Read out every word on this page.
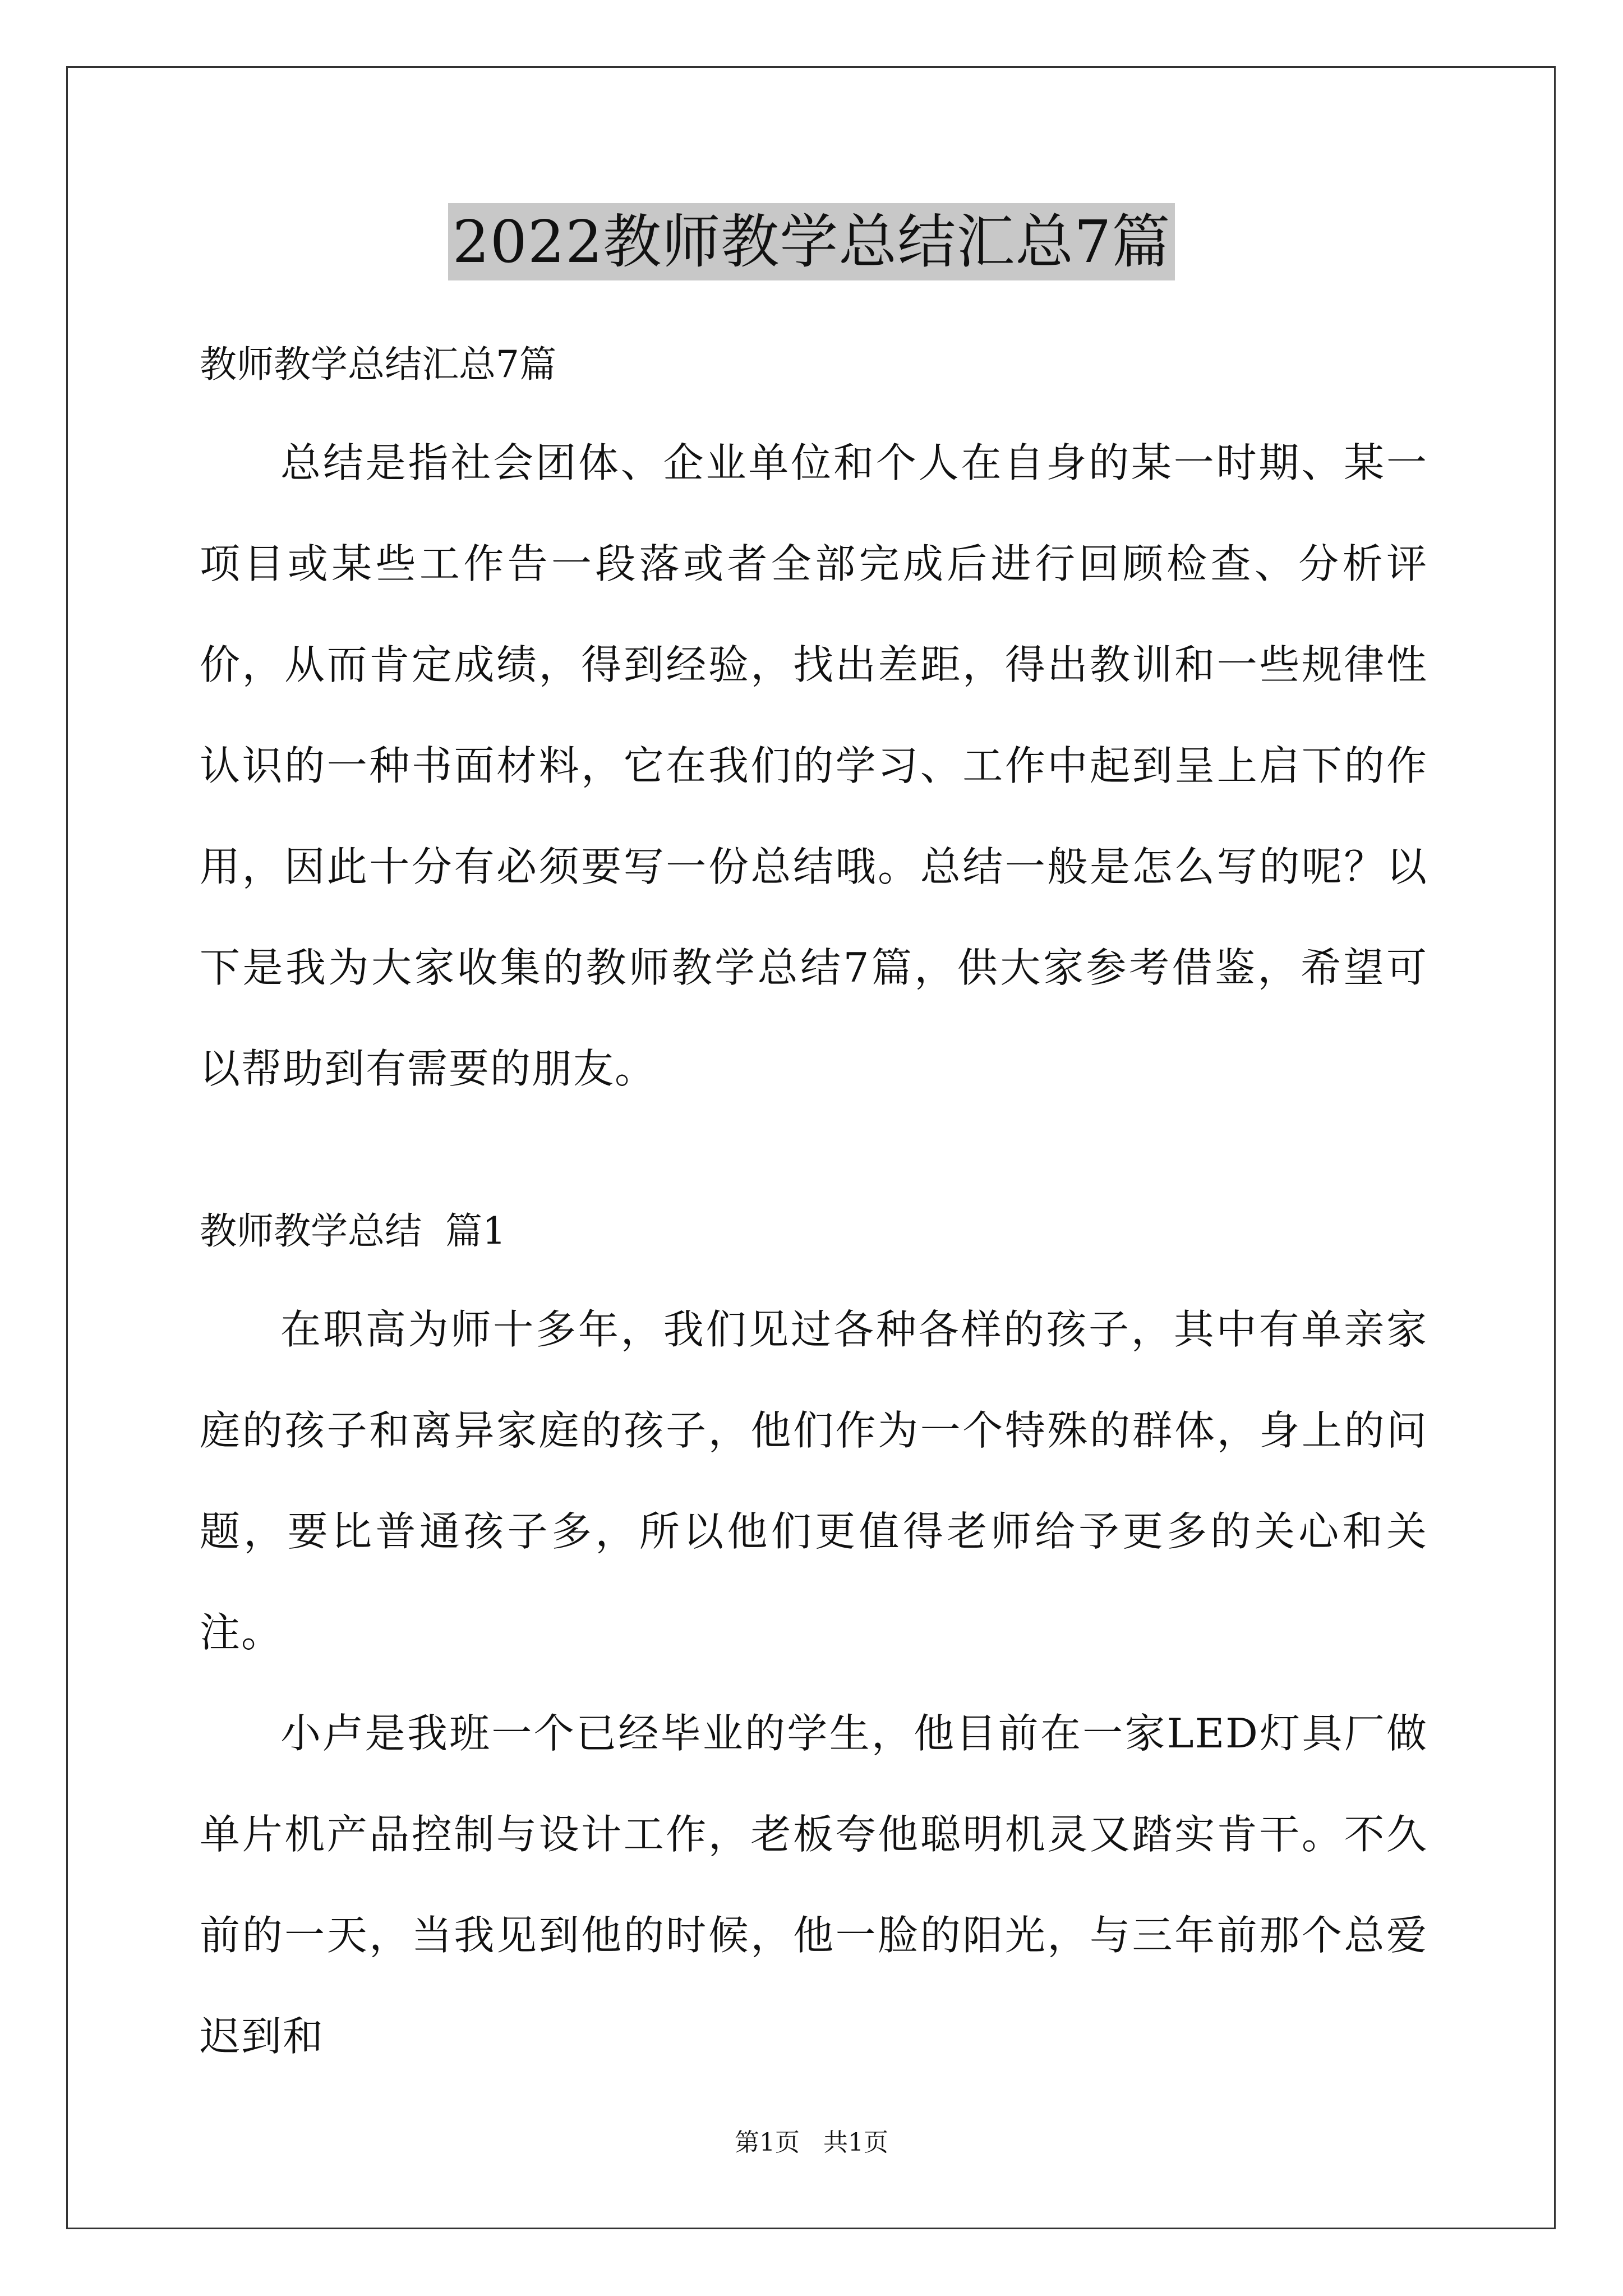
2022教师教学总结汇总7篇

教师教学总结汇总7篇

总结是指社会团体、企业单位和个人在自身的某一时期、某一项目或某些工作告一段落或者全部完成后进行回顾检查、分析评价，从而肯定成绩，得到经验，找出差距，得出教训和一些规律性认识的一种书面材料，它在我们的学习、工作中起到呈上启下的作用，因此十分有必须要写一份总结哦。总结一般是怎么写的呢？以下是我为大家收集的教师教学总结7篇，供大家参考借鉴，希望可以帮助到有需要的朋友。

教师教学总结  篇1

在职高为师十多年，我们见过各种各样的孩子，其中有单亲家庭的孩子和离异家庭的孩子，他们作为一个特殊的群体，身上的问题，要比普通孩子多，所以他们更值得老师给予更多的关心和关注。

小卢是我班一个已经毕业的学生，他目前在一家LED灯具厂做单片机产品控制与设计工作，老板夸他聪明机灵又踏实肯干。不久前的一天，当我见到他的时候，他一脸的阳光，与三年前那个总爱迟到和

第1页 共1页
